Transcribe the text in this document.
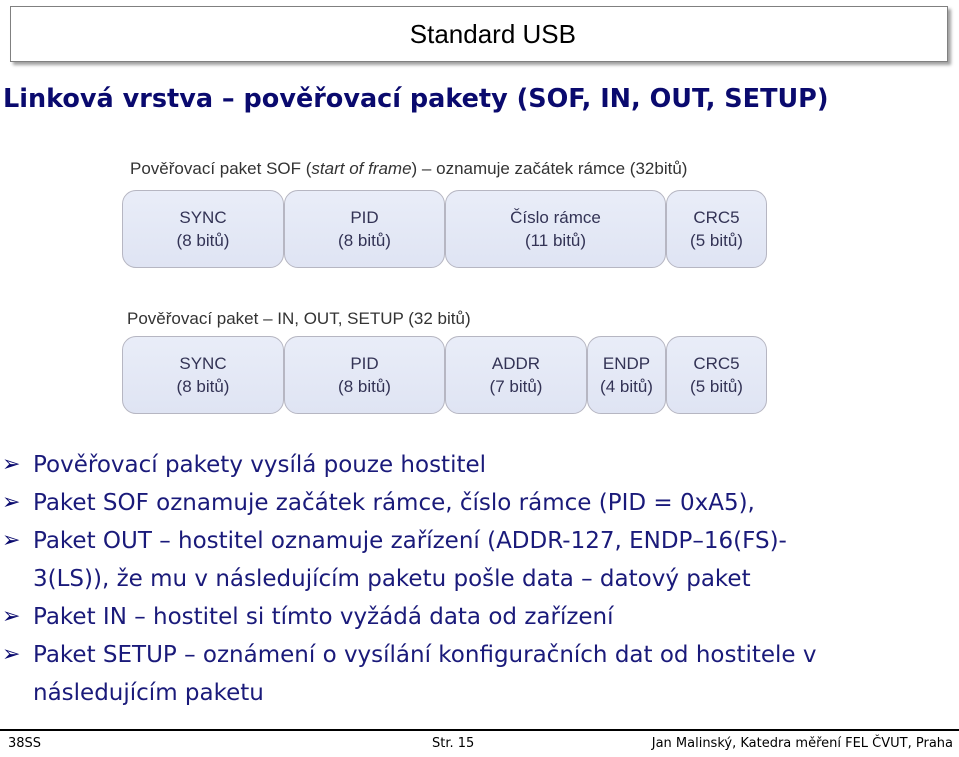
Standard USB
Linková vrstva – pověřovací pakety (SOF, IN, OUT, SETUP)
Pověřovací paket SOF (start of frame) – oznamuje začátek rámce (32bitů)
SYNC
(8 bitů)
PID
(8 bitů)
Číslo rámce
(11 bitů)
CRC5
(5 bitů)
Pověřovací paket – IN, OUT, SETUP (32 bitů)
SYNC
(8 bitů)
PID
(8 bitů)
ADDR
(7 bitů)
ENDP
(4 bitů)
CRC5
(5 bitů)
➢ Pověřovací pakety vysílá pouze hostitel
➢ Paket SOF oznamuje začátek rámce, číslo rámce (PID = 0xA5),
➢ Paket OUT – hostitel oznamuje zařízení (ADDR-127, ENDP–16(FS)-
3(LS)), že mu v následujícím paketu pošle data – datový paket
➢ Paket IN – hostitel si tímto vyžádá data od zařízení
➢ Paket SETUP – oznámení o vysílání konfiguračních dat od hostitele v
následujícím paketu
38SS	Str. 15	Jan Malinský, Katedra měření FEL ČVUT, Praha
